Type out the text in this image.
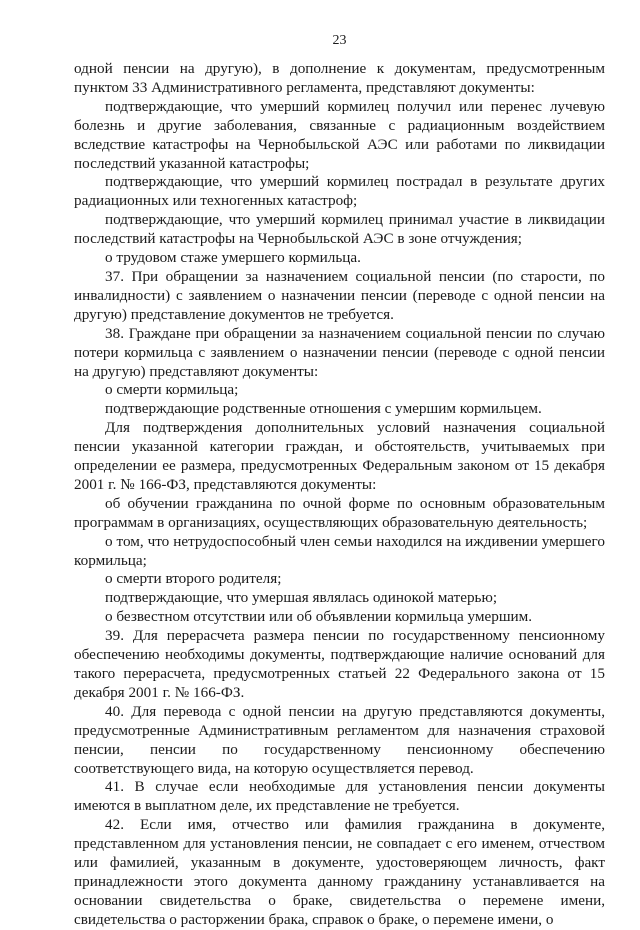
23

одной пенсии на другую), в дополнение к документам, предусмотренным пунктом 33 Административного регламента, представляют документы:

подтверждающие, что умерший кормилец получил или перенес лучевую болезнь и другие заболевания, связанные с радиационным воздействием вследствие катастрофы на Чернобыльской АЭС или работами по ликвидации последствий указанной катастрофы;

подтверждающие, что умерший кормилец пострадал в результате других радиационных или техногенных катастроф;

подтверждающие, что умерший кормилец принимал участие в ликвидации последствий катастрофы на Чернобыльской АЭС в зоне отчуждения;

о трудовом стаже умершего кормильца.

37. При обращении за назначением социальной пенсии (по старости, по инвалидности) с заявлением о назначении пенсии (переводе с одной пенсии на другую) представление документов не требуется.

38. Граждане при обращении за назначением социальной пенсии по случаю потери кормильца с заявлением о назначении пенсии (переводе с одной пенсии на другую) представляют документы:

о смерти кормильца;

подтверждающие родственные отношения с умершим кормильцем.

Для подтверждения дополнительных условий назначения социальной пенсии указанной категории граждан, и обстоятельств, учитываемых при определении ее размера, предусмотренных Федеральным законом от 15 декабря 2001 г. № 166-ФЗ, представляются документы:

об обучении гражданина по очной форме по основным образовательным программам в организациях, осуществляющих образовательную деятельность;

о том, что нетрудоспособный член семьи находился на иждивении умершего кормильца;

о смерти второго родителя;

подтверждающие, что умершая являлась одинокой матерью;

о безвестном отсутствии или об объявлении кормильца умершим.

39. Для перерасчета размера пенсии по государственному пенсионному обеспечению необходимы документы, подтверждающие наличие оснований для такого перерасчета, предусмотренных статьей 22 Федерального закона от 15 декабря 2001 г. № 166-ФЗ.

40. Для перевода с одной пенсии на другую представляются документы, предусмотренные Административным регламентом для назначения страховой пенсии, пенсии по государственному пенсионному обеспечению соответствующего вида, на которую осуществляется перевод.

41. В случае если необходимые для установления пенсии документы имеются в выплатном деле, их представление не требуется.

42. Если имя, отчество или фамилия гражданина в документе, представленном для установления пенсии, не совпадает с его именем, отчеством или фамилией, указанным в документе, удостоверяющем личность, факт принадлежности этого документа данному гражданину устанавливается на основании свидетельства о браке, свидетельства о перемене имени, свидетельства о расторжении брака, справок о браке, о перемене имени, о
